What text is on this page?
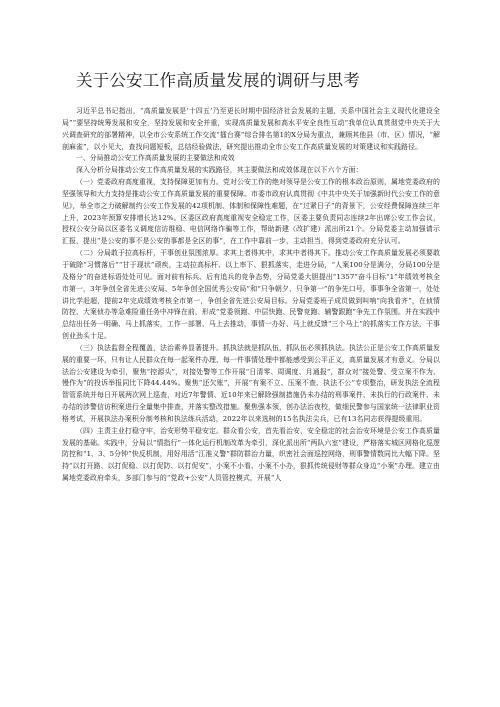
关于公安工作高质量发展的调研与思考

习近平总书记指出，“高质量发展是‘十四五’乃至更长时期中国经济社会发展的主题，关系中国社会主义现代化建设全局”“要坚持统筹发展和安全，坚持发展和安全并重，实现高质量发展和高水平安全良性互动”我单位认真贯彻党中央关于大兴调查研究的部署精神，以全市公安系统工作交流“擂台赛”综合排名第1的X分局为重点，兼顾其他县（市、区）情况，“解剖麻雀”，以小见大，查找问题短板，总结经验做法，研究提出推动全市公安工作高质量发展的对策建议和实践路径。

一、分局推动公安工作高质量发展的主要做法和成效

深入分析分局推动公安工作高质量发展的实践路径，其主要做法和成效体现在以下六个方面：

（一）党委政府高度重视，支持保障更加有力。党对公安工作的绝对领导是公安工作的根本政治原则，属地党委政府的坚强领导和大力支持是推动公安工作高质量发展的重要保障。市委市政府认真贯彻《中共中央关于加强新时代公安工作的意见》，举全市之力破解制约公安工作发展的42项机制、体制和保障性难题，在“过紧日子”的背景下，公安经费保障连续三年上升，2023年预算安排增长达12%。区委区政府高度重视安全稳定工作，区委主要负责同志连续2年出席公安工作会议，授权公安分局以区委名义调度信访维稳、电信网络诈骗等工作，帮助新建（改扩建）派出所21个。分局党委主动加强请示汇报，提出“是公安的事不是公安的事都是全区的事”，在工作中靠前一步，主动担当，得到党委政府充分认可。

（二）分局敢于拉高标杆，干事创业氛围浓厚。求其上者得其中，求其中者得其下。推动公安工作高质量发展必须要敢于破除“习惯落后”“甘于现状”顽疾，主动拉高标杆、以上率下、狠抓落实，走进分局，“人案100分是满分，分局100分是及格分”的奋进标语处处可见。面对前有标兵、后有追兵的竞争态势，分局党委大胆提出“1357”奋斗目标“1”年绩效考核全市第一，3年争创全省先进公安局、5年争创全国优秀公安局”和“只争朝夕、只争第一”的争先口号，事事争全省第一，处处讲比学赶超，提前2年完成绩效考核全市第一，争创全省先进公安局目标。分局党委班子成员做到叫响“向我看齐”，在侦情防控、大案侦办等急难险重任务中冲锋在前，形成“党委领跑、中层快跑、民警竞跑、辅警跟跑”争先工作氛围。并在实践中总结出任务一明确、马上抓落实，工作一部署、马上去推动，事情一办好、马上就反馈“三个马上”的抓落实工作方法，干事创业劲头十足。

（三）执法监督全程覆盖，法治素养显著提升。抓执法就是抓队伍，抓队伍必须抓执法。执法公正是公安工作高质量发展的重要一环，只有让人民群众在每一起案件办理、每一件事情处理中都能感受到公平正义，高质量发展才有意义。分局以法治公安建设为牵引，聚焦“控源头”，对接处警等工作开展“日清零、周调度、月通报”，群众对“接处警、受立案不作为、慢作为”的投诉举报同比下降44.44%。聚焦“还欠账”，开展“有案不立、压案不查、执法不公”专项整治，研发执法全流程智管系统并每日开展两次网上巡查，对近7年警情、近10年来已解除强制措施仍未办结的刑事案件、未执行的行政案件、未办结的涉警信访积案进行全量集中排查，并落实整改措施。聚焦强本领，创办法治夜校，做细民警参与国家统一法律职业资格考试，开展执法办案积分制考核和执法练兵活动，2022年以来选树的15名执法尖兵，已有13名同志获得提级重用。

（四）主责主业打稳守牢，治安形势平稳安定。群众看公安，首先看治安，安全稳定的社会治安环境是公安工作高质量发展的基础。实践中，分局以“情指行”一体化运行机制改革为牵引，深化派出所“两队六室”建设，严格落实城区网格化巡逻防控和“1、3、5分钟”快反机制，用好用活“江淮义警”群防群治力量，织密社会面巡控网络，刑事警情数同比大幅下降。坚持“以打开路、以打促稳、以打促防、以打促安”，小案不小看、小案不小办，狠抓传统侵财等群众身边“小案”办理。建立由属地党委政府牵头，多部门参与的“党政+公安”人员管控模式，开展“人
